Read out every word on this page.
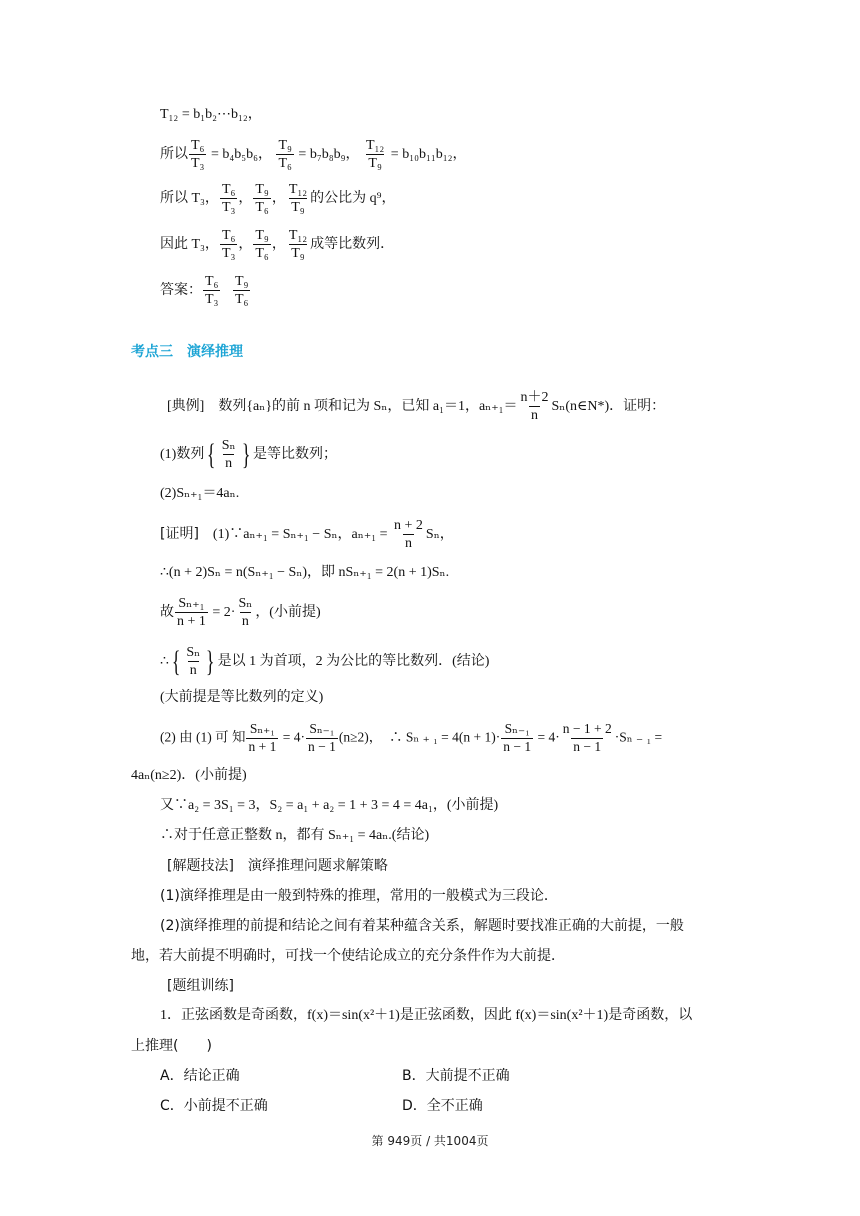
T₁₂ = b₁b₂⋯b₁₂，
所以 $\frac{\text{T₆}}{\text{T₃}} = b_4b_5b_6$， $\frac{\text{T₉}}{\text{T₆}} = b_7b_8b_9$， $\frac{\text{T₁₂}}{\text{T₉}} = b_{10}b_{11}b_{12}$，
所以 T₃， $\frac{\text{T₆}}{\text{T₃}}$ ， $\frac{\text{T₉}}{\text{T₆}}$ ， $\frac{\text{T₁₂}}{\text{T₉}}$ 的公比为 q⁹，
因此 T₃， $\frac{\text{T₆}}{\text{T₃}}$ ， $\frac{\text{T₉}}{\text{T₆}}$ ， $\frac{\text{T₁₂}}{\text{T₉}}$ 成等比数列．
答案： $\frac{\text{T₆}}{\text{T₃}}$
$\frac{\text{T₉}}{\text{T₆}}$
考点三　演绎推理
[典例]　数列{aₙ}的前 n 项和记为 Sₙ，已知 a₁＝1，$a_{n+1}= \frac{n+2}{n}$ Sₙ(n∈N*)．证明：
(1)数列 { $\frac{\text{Sₙ}}{n}$ } 是等比数列；
(2)Sₙ₊₁＝4aₙ.
[证明]　(1)∵aₙ₊₁ = Sₙ₊₁ − Sₙ，$a_{n+1} = \frac{n + 2}{n}$ Sₙ，
∴(n + 2)Sₙ = n(Sₙ₊₁ − Sₙ)，即 nSₙ₊₁ = 2(n + 1)Sₙ.
故 $\frac{\text{Sₙ₊₁}}{n + 1} = 2\cdot \frac{\text{Sₙ}}{n}$ ，(小前提)
∴ { $\frac{\text{Sₙ}}{n}$ } 是以 1 为首项，2 为公比的等比数列．(结论)
(大前提是等比数列的定义)
(2) 由 (1) 可 知 $\frac{\text{Sₙ₊₁}}{n + 1} = 4\cdot \frac{\text{Sₙ₋₁}}{n - 1} (n\ge 2)$，　∴ Sₙ ₊ $_1 = 4(n + 1)\cdot \frac{\text{Sₙ₋₁}}{n - 1} = 4\cdot \frac{n - 1 + 2}{n - 1} \cdot S_n$ ₋ ₁ =
4aₙ(n≥2)．(小前提)
又∵a₂ = 3S₁ = 3，S₂ = a₁ + a₂ = 1 + 3 = 4 = 4a₁，(小前提)
∴对于任意正整数 n，都有 Sₙ₊₁ = 4aₙ.(结论)
[解题技法]　演绎推理问题求解策略
(1)演绎推理是由一般到特殊的推理，常用的一般模式为三段论．
(2)演绎推理的前提和结论之间有着某种蕴含关系，解题时要找准正确的大前提，一般
地，若大前提不明确时，可找一个使结论成立的充分条件作为大前提．
[题组训练]
1．正弦函数是奇函数，f(x)＝sin(x²＋1)是正弦函数，因此 f(x)＝sin(x²＋1)是奇函数，以
上推理(　　)
A．结论正确	B．大前提不正确
C．小前提不正确	D．全不正确
第 949页 / 共1004页
